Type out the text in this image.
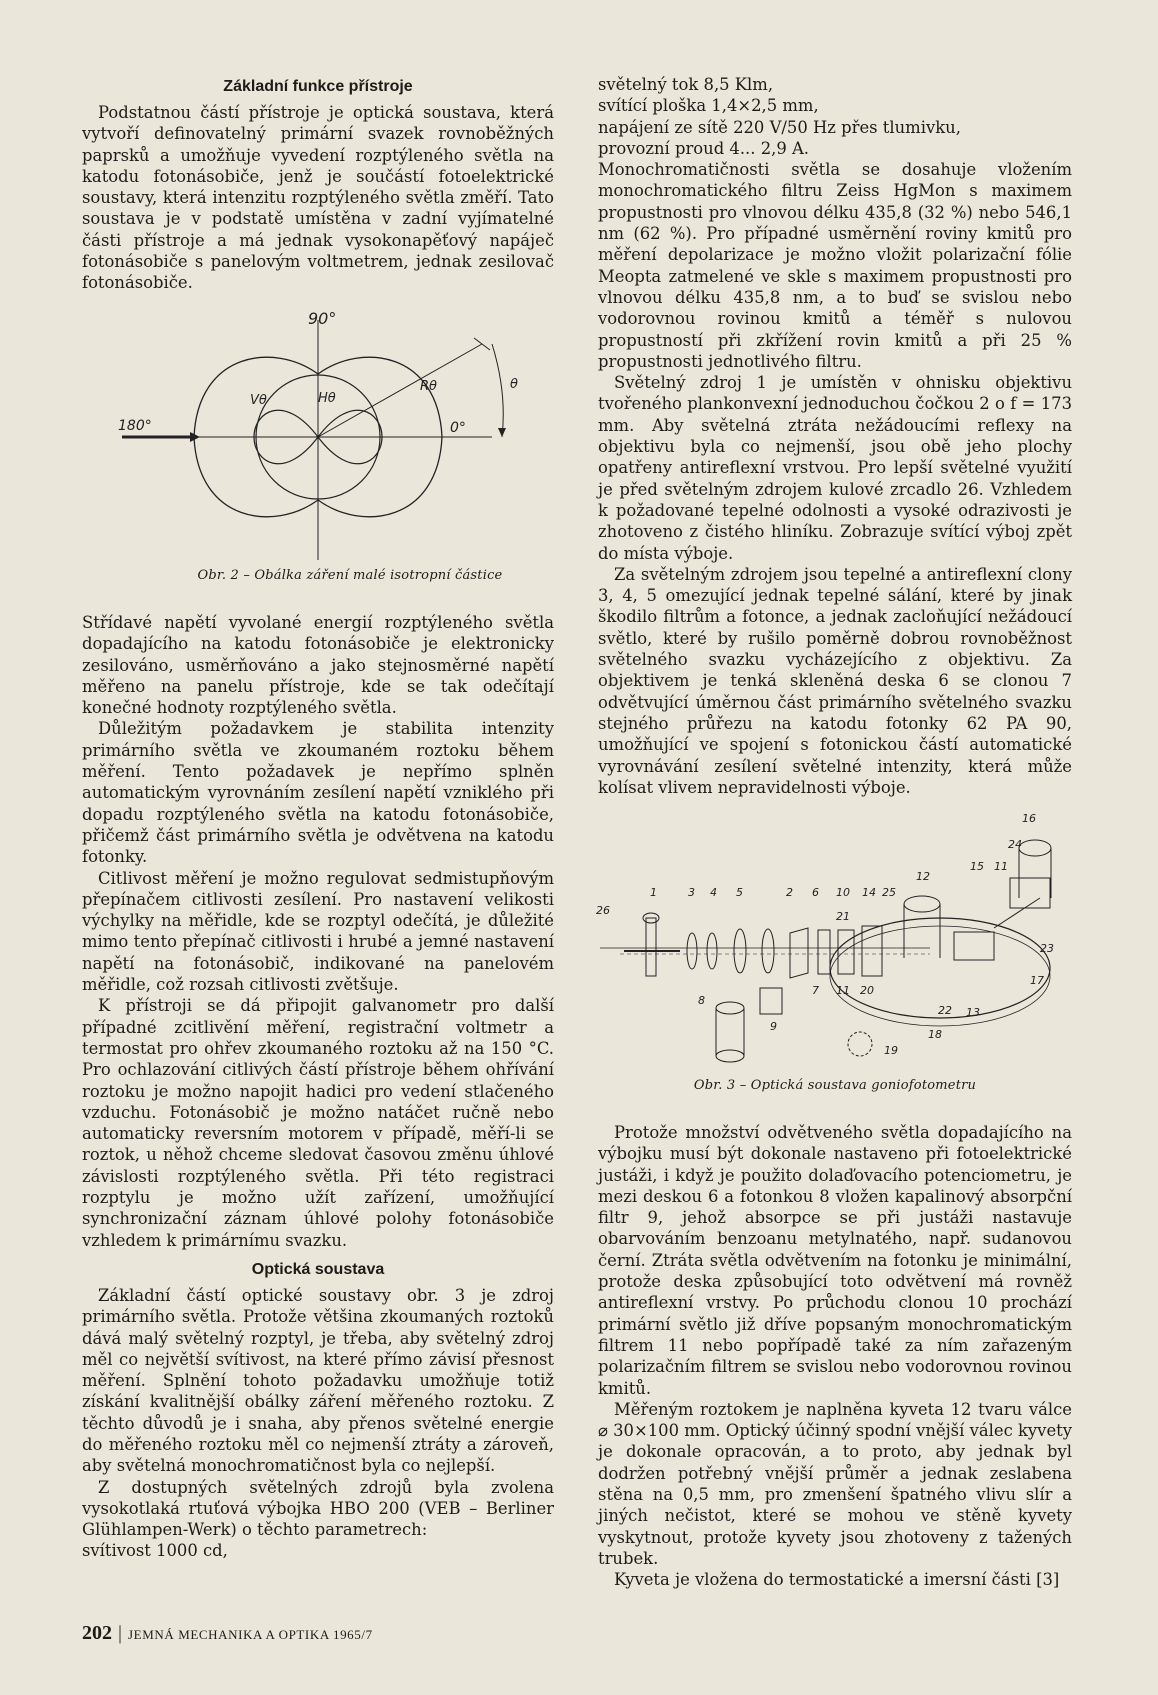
Základní funkce přístroje

Podstatnou částí přístroje je optická soustava, která vytvoří definovatelný primární svazek rovnoběžných paprsků a umožňuje vyvedení rozptýleného světla na katodu fotonásobiče, jenž je součástí fotoelektrické soustavy, která intenzitu rozptýleného světla změří. Tato soustava je v podstatě umístěna v zadní vyjímatelné části přístroje a má jednak vysokonapěťový napáječ fotonásobiče s panelovým voltmetrem, jednak zesilovač fotonásobiče.

90°
180°	0°
Vθ	Hθ
Rθ	θ
Obr. 2 – Obálka záření malé isotropní částice

Střídavé napětí vyvolané energií rozptýleného světla dopadajícího na katodu fotonásobiče je elektronicky zesilováno, usměrňováno a jako stejnosměrné napětí měřeno na panelu přístroje, kde se tak odečítají konečné hodnoty rozptýleného světla.

Důležitým požadavkem je stabilita intenzity primárního světla ve zkoumaném roztoku během měření. Tento požadavek je nepřímo splněn automatickým vyrovnáním zesílení napětí vzniklého při dopadu rozptýleného světla na katodu fotonásobiče, přičemž část primárního světla je odvětvena na katodu fotonky.

Citlivost měření je možno regulovat sedmistupňovým přepínačem citlivosti zesílení. Pro nastavení velikosti výchylky na měřidle, kde se rozptyl odečítá, je důležité mimo tento přepínač citlivosti i hrubé a jemné nastavení napětí na fotonásobič, indikované na panelovém měřidle, což rozsah citlivosti zvětšuje.

K přístroji se dá připojit galvanometr pro další případné zcitlivění měření, registrační voltmetr a termostat pro ohřev zkoumaného roztoku až na 150 °C. Pro ochlazování citlivých částí přístroje během ohřívání roztoku je možno napojit hadici pro vedení stlačeného vzduchu. Fotonásobič je možno natáčet ručně nebo automaticky reversním motorem v případě, měří-li se roztok, u něhož chceme sledovat časovou změnu úhlové závislosti rozptýleného světla. Při této registraci rozptylu je možno užít zařízení, umožňující synchronizační záznam úhlové polohy fotonásobiče vzhledem k primárnímu svazku.

Optická soustava

Základní částí optické soustavy obr. 3 je zdroj primárního světla. Protože většina zkoumaných roztoků dává malý světelný rozptyl, je třeba, aby světelný zdroj měl co největší svítivost, na které přímo závisí přesnost měření. Splnění tohoto požadavku umožňuje totiž získání kvalitnější obálky záření měřeného roztoku. Z těchto důvodů je i snaha, aby přenos světelné energie do měřeného roztoku měl co nejmenší ztráty a zároveň, aby světelná monochromatičnost byla co nejlepší.

Z dostupných světelných zdrojů byla zvolena vysokotlaká rtuťová výbojka HBO 200 (VEB – Berliner Glühlampen-Werk) o těchto parametrech:

svítivost 1000 cd,
světelný tok 8,5 Klm,
svítící ploška 1,4×2,5 mm,
napájení ze sítě 220 V/50 Hz přes tlumivku,
provozní proud 4... 2,9 A.

Monochromatičnosti světla se dosahuje vložením monochromatického filtru Zeiss HgMon s maximem propustnosti pro vlnovou délku 435,8 (32 %) nebo 546,1 nm (62 %). Pro případné usměrnění roviny kmitů pro měření depolarizace je možno vložit polarizační fólie Meopta zatmelené ve skle s maximem propustnosti pro vlnovou délku 435,8 nm, a to buď se svislou nebo vodorovnou rovinou kmitů a téměř s nulovou propustností při zkřížení rovin kmitů a při 25 % propustnosti jednotlivého filtru.

Světelný zdroj 1 je umístěn v ohnisku objektivu tvořeného plankonvexní jednoduchou čočkou 2 o f = 173 mm. Aby světelná ztráta nežádoucími reflexy na objektivu byla co nejmenší, jsou obě jeho plochy opatřeny antireflexní vrstvou. Pro lepší světelné využití je před světelným zdrojem kulové zrcadlo 26. Vzhledem k požadované tepelné odolnosti a vysoké odrazivosti je zhotoveno z čistého hliníku. Zobrazuje svítící výboj zpět do místa výboje.

Za světelným zdrojem jsou tepelné a antireflexní clony 3, 4, 5 omezující jednak tepelné sálání, které by jinak škodilo filtrům a fotonce, a jednak zacloňující nežádoucí světlo, které by rušilo poměrně dobrou rovnoběžnost světelného svazku vycházejícího z objektivu. Za objektivem je tenká skleněná deska 6 se clonou 7 odvětvující úměrnou část primárního světelného svazku stejného průřezu na katodu fotonky 62 PA 90, umožňující ve spojení s fotonickou částí automatické vyrovnávání zesílení světelné intenzity, která může kolísat vlivem nepravidelnosti výboje.

1	3 4 5	2 6 10 14 25
12
15 11
24
16
26	21
7 11 20
8
9
22 13
18
19
17
23
Obr. 3 – Optická soustava goniofotometru

Protože množství odvětveného světla dopadajícího na výbojku musí být dokonale nastaveno při fotoelektrické justáži, i když je použito dolaďovacího potenciometru, je mezi deskou 6 a fotonkou 8 vložen kapalinový absorpční filtr 9, jehož absorpce se při justáži nastavuje obarvováním benzoanu metylnatého, např. sudanovou černí. Ztráta světla odvětvením na fotonku je minimální, protože deska způsobující toto odvětvení má rovněž antireflexní vrstvy. Po průchodu clonou 10 prochází primární světlo již dříve popsaným monochromatickým filtrem 11 nebo popřípadě také za ním zařazeným polarizačním filtrem se svislou nebo vodorovnou rovinou kmitů.

Měřeným roztokem je naplněna kyveta 12 tvaru válce ⌀ 30×100 mm. Optický účinný spodní vnější válec kyvety je dokonale opracován, a to proto, aby jednak byl dodržen potřebný vnější průměr a jednak zeslabena stěna na 0,5 mm, pro zmenšení špatného vlivu slír a jiných nečistot, které se mohou ve stěně kyvety vyskytnout, protože kyvety jsou zhotoveny z tažených trubek.

Kyveta je vložena do termostatické a imersní části [3]

202 | JEMNÁ MECHANIKA A OPTIKA 1965/7
